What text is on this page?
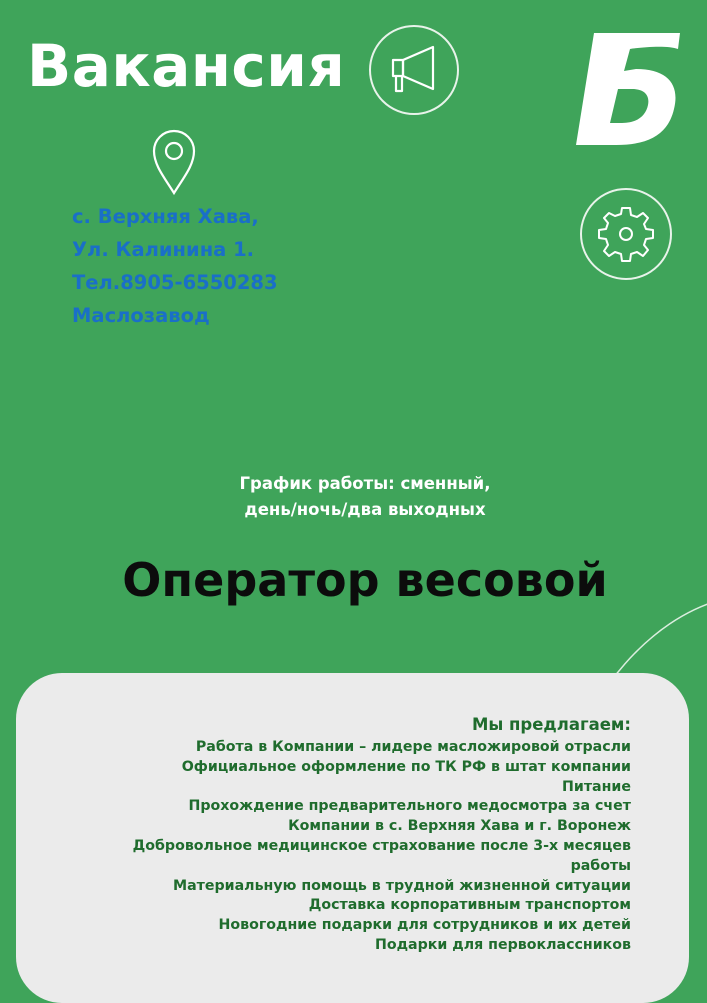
Вакансия
с. Верхняя Хава,
Ул. Калинина 1.
Тел.8905-6550283
Маслозавод
График работы: сменный,
день/ночь/два выходных
Оператор весовой
Мы предлагаем:
Работа в Компании – лидере масложировой отрасли
Официальное оформление по ТК РФ в штат компании
Питание
Прохождение предварительного медосмотра за счет
Компании в с. Верхняя Хава и г. Воронеж
Добровольное медицинское страхование после 3-х месяцев
работы
Материальную помощь в трудной жизненной ситуации
Доставка корпоративным транспортом
Новогодние подарки для сотрудников и их детей
Подарки для первоклассников
